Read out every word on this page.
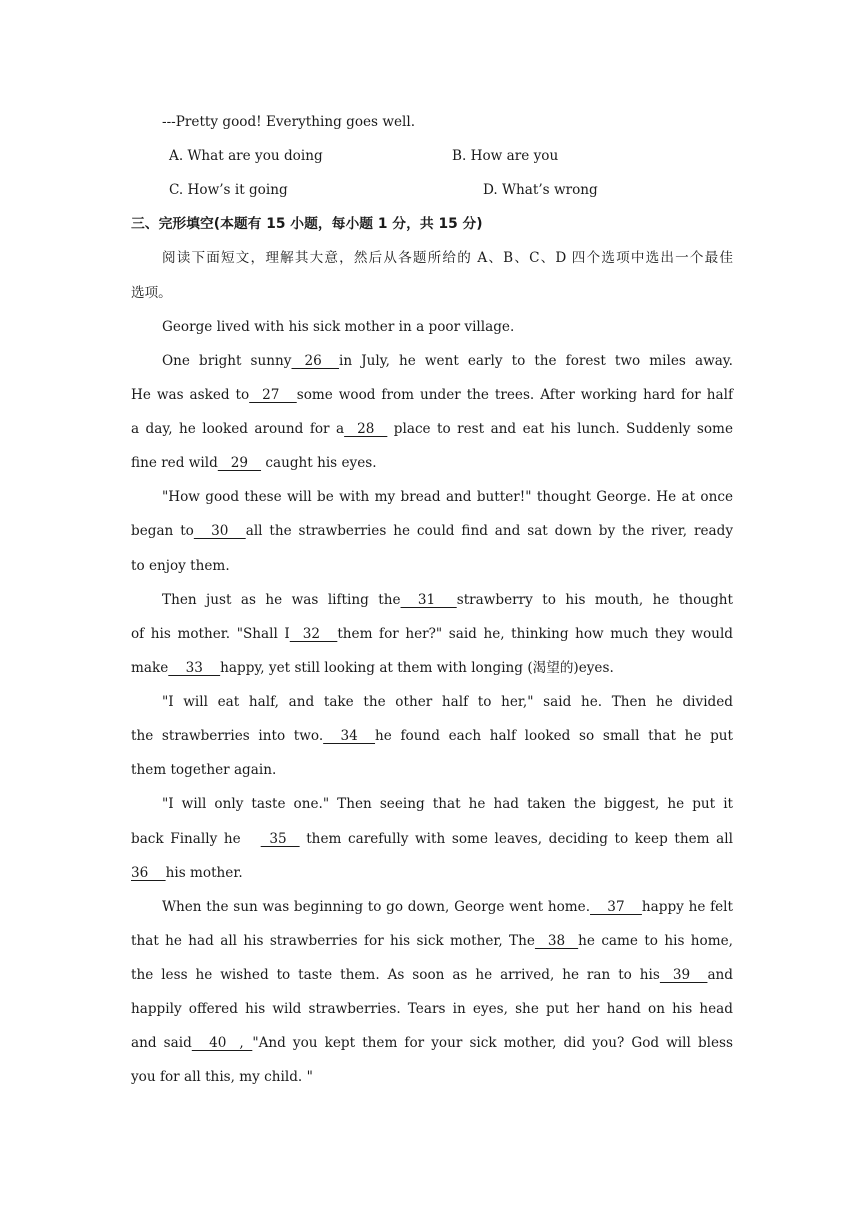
---Pretty good! Everything goes well.
A. What are you doing	B. How are you
C. How’s it going	D. What’s wrong
三、完形填空(本题有 15 小题，每小题 1 分，共 15 分)
阅读下面短文，理解其大意，然后从各题所给的 A、B、C、D 四个选项中选出一个最佳
选项。
George lived with his sick mother in a poor village.
One bright sunny   26    in July, he went early to the forest two miles away.
He was asked to   27    some wood from under the trees. After working hard for half
a day, he looked around for a   28    place to rest and eat his lunch. Suddenly some
fine red wild   29    caught his eyes.
"How good these will be with my bread and butter!" thought George. He at once
began to    30    all the strawberries he could find and sat down by the river, ready
to enjoy them.
Then just as he was lifting the    31     strawberry to his mouth, he thought
of his mother. "Shall I   32    them for her?" said he, thinking how much they would
make    33    happy, yet still looking at them with longing (渴望的)eyes.
"I will eat half, and take the other half to her," said he. Then he divided
the strawberries into two.    34    he found each half looked so small that he put
them together again.
"I will only taste one." Then seeing that he had taken the biggest, he put it
back Finally he  35    them carefully with some leaves, deciding to keep them all
36    his mother.
When the sun was beginning to go down, George went home.    37    happy he felt
that he had all his strawberries for his sick mother, The   38   he came to his home,
the less he wished to taste them. As soon as he arrived, he ran to his   39    and
happily offered his wild strawberries. Tears in eyes, she put her hand on his head
and said    40   ,  "And you kept them for your sick mother, did you? God will bless
you for all this, my child. "
